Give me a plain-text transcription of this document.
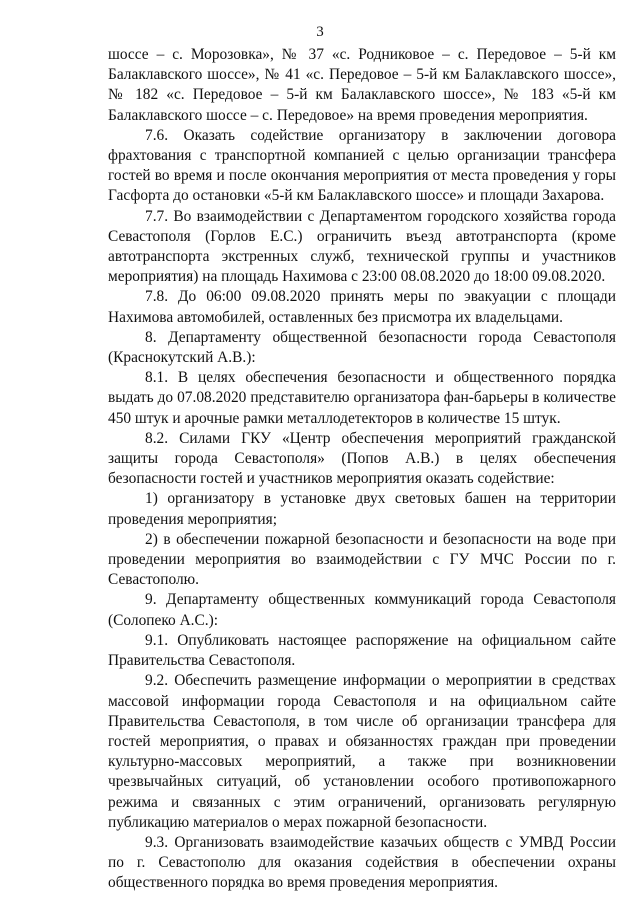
3

шоссе – с. Морозовка», № 37 «с. Родниковое – с. Передовое – 5-й км Балаклавского шоссе», № 41 «с. Передовое – 5-й км Балаклавского шоссе», № 182 «с. Передовое – 5-й км Балаклавского шоссе», № 183 «5-й км Балаклавского шоссе – с. Передовое» на время проведения мероприятия.

7.6. Оказать содействие организатору в заключении договора фрахтования с транспортной компанией с целью организации трансфера гостей во время и после окончания мероприятия от места проведения у горы Гасфорта до остановки «5-й км Балаклавского шоссе» и площади Захарова.

7.7. Во взаимодействии с Департаментом городского хозяйства города Севастополя (Горлов Е.С.) ограничить въезд автотранспорта (кроме автотранспорта экстренных служб, технической группы и участников мероприятия) на площадь Нахимова с 23:00 08.08.2020 до 18:00 09.08.2020.

7.8. До 06:00 09.08.2020 принять меры по эвакуации с площади Нахимова автомобилей, оставленных без присмотра их владельцами.

8. Департаменту общественной безопасности города Севастополя (Краснокутский А.В.):

8.1. В целях обеспечения безопасности и общественного порядка выдать до 07.08.2020 представителю организатора фан-барьеры в количестве 450 штук и арочные рамки металлодетекторов в количестве 15 штук.

8.2. Силами ГКУ «Центр обеспечения мероприятий гражданской защиты города Севастополя» (Попов А.В.) в целях обеспечения безопасности гостей и участников мероприятия оказать содействие:

1) организатору в установке двух световых башен на территории проведения мероприятия;

2) в обеспечении пожарной безопасности и безопасности на воде при проведении мероприятия во взаимодействии с ГУ МЧС России по г. Севастополю.

9. Департаменту общественных коммуникаций города Севастополя (Солопеко А.С.):

9.1. Опубликовать настоящее распоряжение на официальном сайте Правительства Севастополя.

9.2. Обеспечить размещение информации о мероприятии в средствах массовой информации города Севастополя и на официальном сайте Правительства Севастополя, в том числе об организации трансфера для гостей мероприятия, о правах и обязанностях граждан при проведении культурно-массовых мероприятий, а также при возникновении чрезвычайных ситуаций, об установлении особого противопожарного режима и связанных с этим ограничений, организовать регулярную публикацию материалов о мерах пожарной безопасности.

9.3. Организовать взаимодействие казачьих обществ с УМВД России по г. Севастополю для оказания содействия в обеспечении охраны общественного порядка во время проведения мероприятия.
